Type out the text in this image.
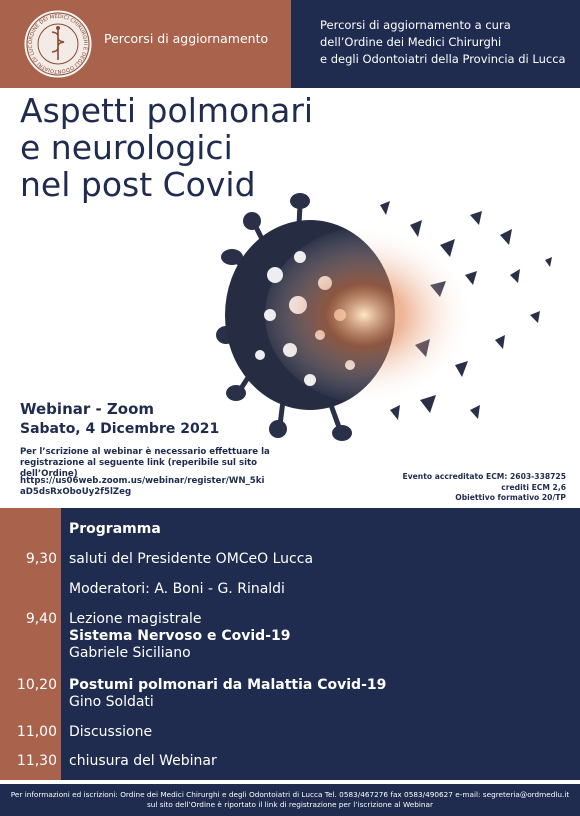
ORDINE DEI MEDICI CHIRURGHI E DEGLI ODONTOIATRI DI LUC
Percorsi di aggiornamento
Percorsi di aggiornamento a cura
dell’Ordine dei Medici Chirurghi
e degli Odontoiatri della Provincia di Lucca
Aspetti polmonari
e neurologici
nel post Covid
Webinar - Zoom
Sabato, 4 Dicembre 2021
Per l’scrizione al webinar è necessario effettuare la registrazione al seguente link (reperibile sul sito dell’Ordine)
https://us06web.zoom.us/webinar/register/WN_5kiaD5dsRxOboUy2f5lZeg
Evento accreditato ECM: 2603-338725
crediti ECM 2,6
Obiettivo formativo 20/TP
Programma
9,30 saluti del Presidente OMCeO Lucca
Moderatori: A. Boni - G. Rinaldi
9,40 Lezione magistrale
Sistema Nervoso e Covid-19
Gabriele Siciliano
10,20 Postumi polmonari da Malattia Covid-19
Gino Soldati
11,00 Discussione
11,30 chiusura del Webinar
Per informazioni ed iscrizioni: Ordine dei Medici Chirurghi e degli Odontoiatri di Lucca Tel. 0583/467276 fax 0583/490627 e-mail: segreteria@ordmedlu.it
sul sito dell’Ordine è riportato il link di registrazione per l’iscrizione al Webinar
